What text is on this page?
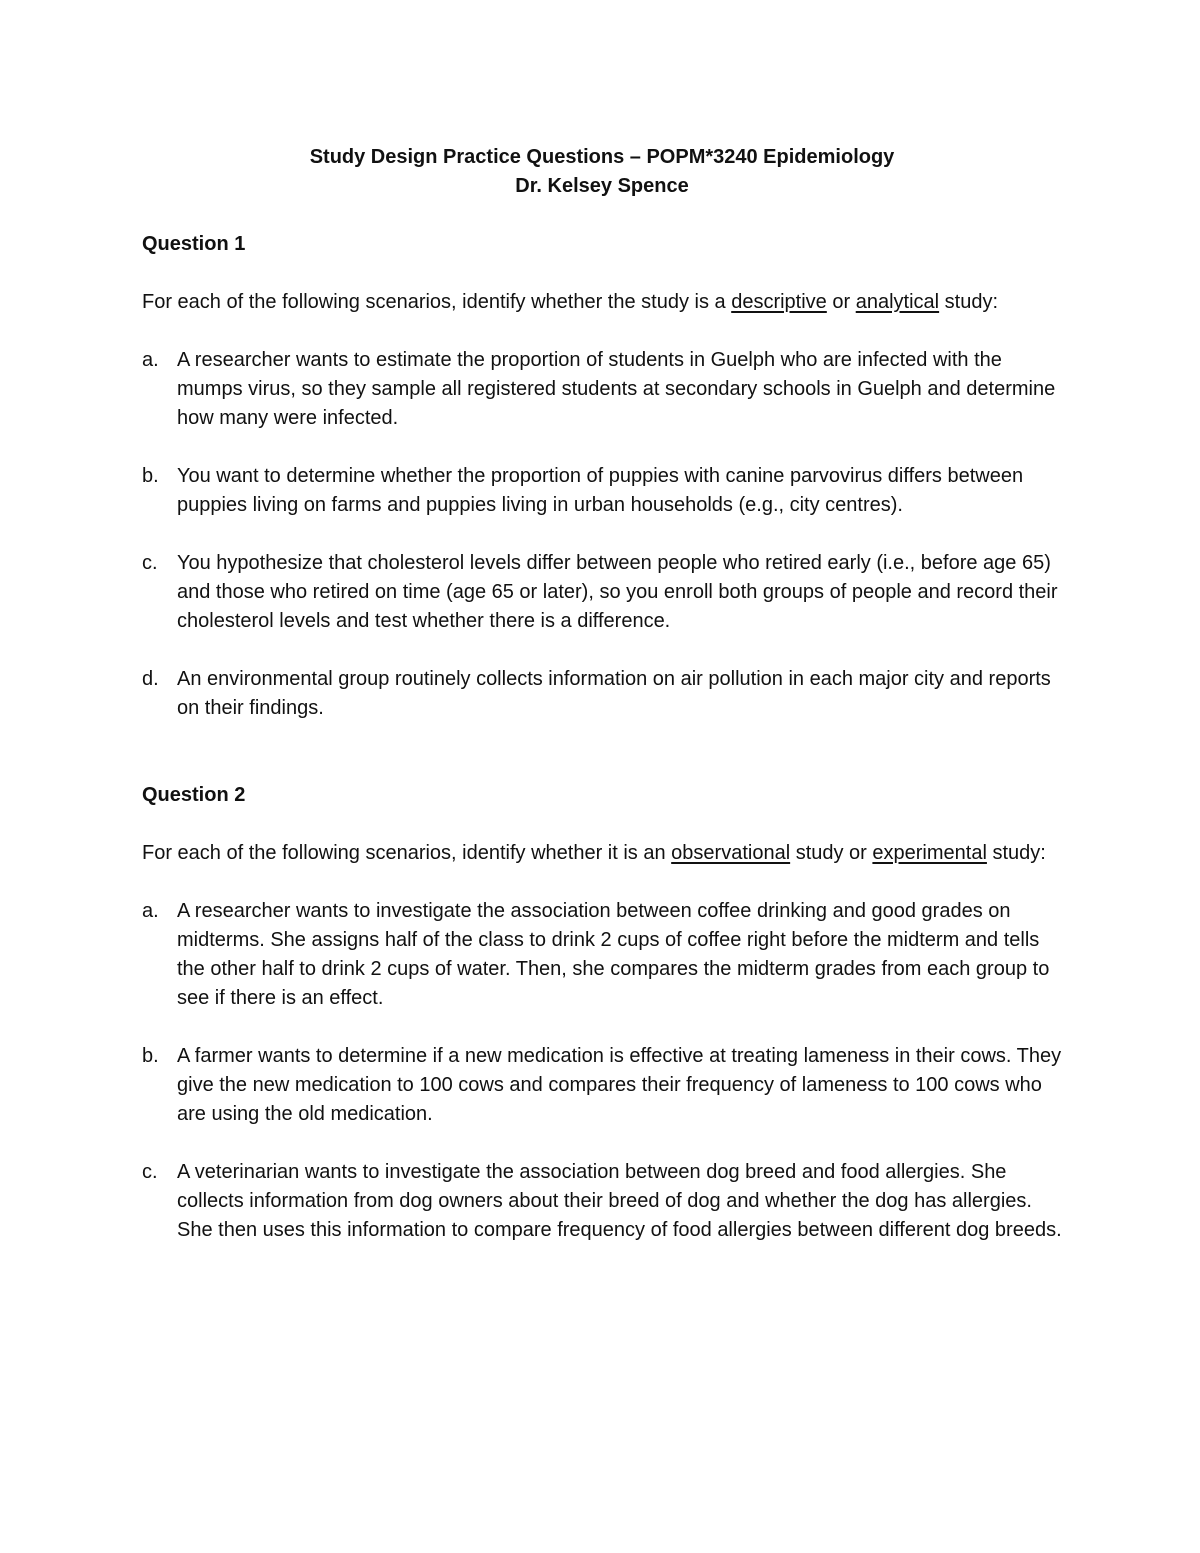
Study Design Practice Questions – POPM*3240 Epidemiology
Dr. Kelsey Spence
Question 1
For each of the following scenarios, identify whether the study is a descriptive or analytical study:
a. A researcher wants to estimate the proportion of students in Guelph who are infected with the mumps virus, so they sample all registered students at secondary schools in Guelph and determine how many were infected.
b. You want to determine whether the proportion of puppies with canine parvovirus differs between puppies living on farms and puppies living in urban households (e.g., city centres).
c. You hypothesize that cholesterol levels differ between people who retired early (i.e., before age 65) and those who retired on time (age 65 or later), so you enroll both groups of people and record their cholesterol levels and test whether there is a difference.
d. An environmental group routinely collects information on air pollution in each major city and reports on their findings.
Question 2
For each of the following scenarios, identify whether it is an observational study or experimental study:
a. A researcher wants to investigate the association between coffee drinking and good grades on midterms. She assigns half of the class to drink 2 cups of coffee right before the midterm and tells the other half to drink 2 cups of water. Then, she compares the midterm grades from each group to see if there is an effect.
b. A farmer wants to determine if a new medication is effective at treating lameness in their cows. They give the new medication to 100 cows and compares their frequency of lameness to 100 cows who are using the old medication.
c. A veterinarian wants to investigate the association between dog breed and food allergies. She collects information from dog owners about their breed of dog and whether the dog has allergies. She then uses this information to compare frequency of food allergies between different dog breeds.
